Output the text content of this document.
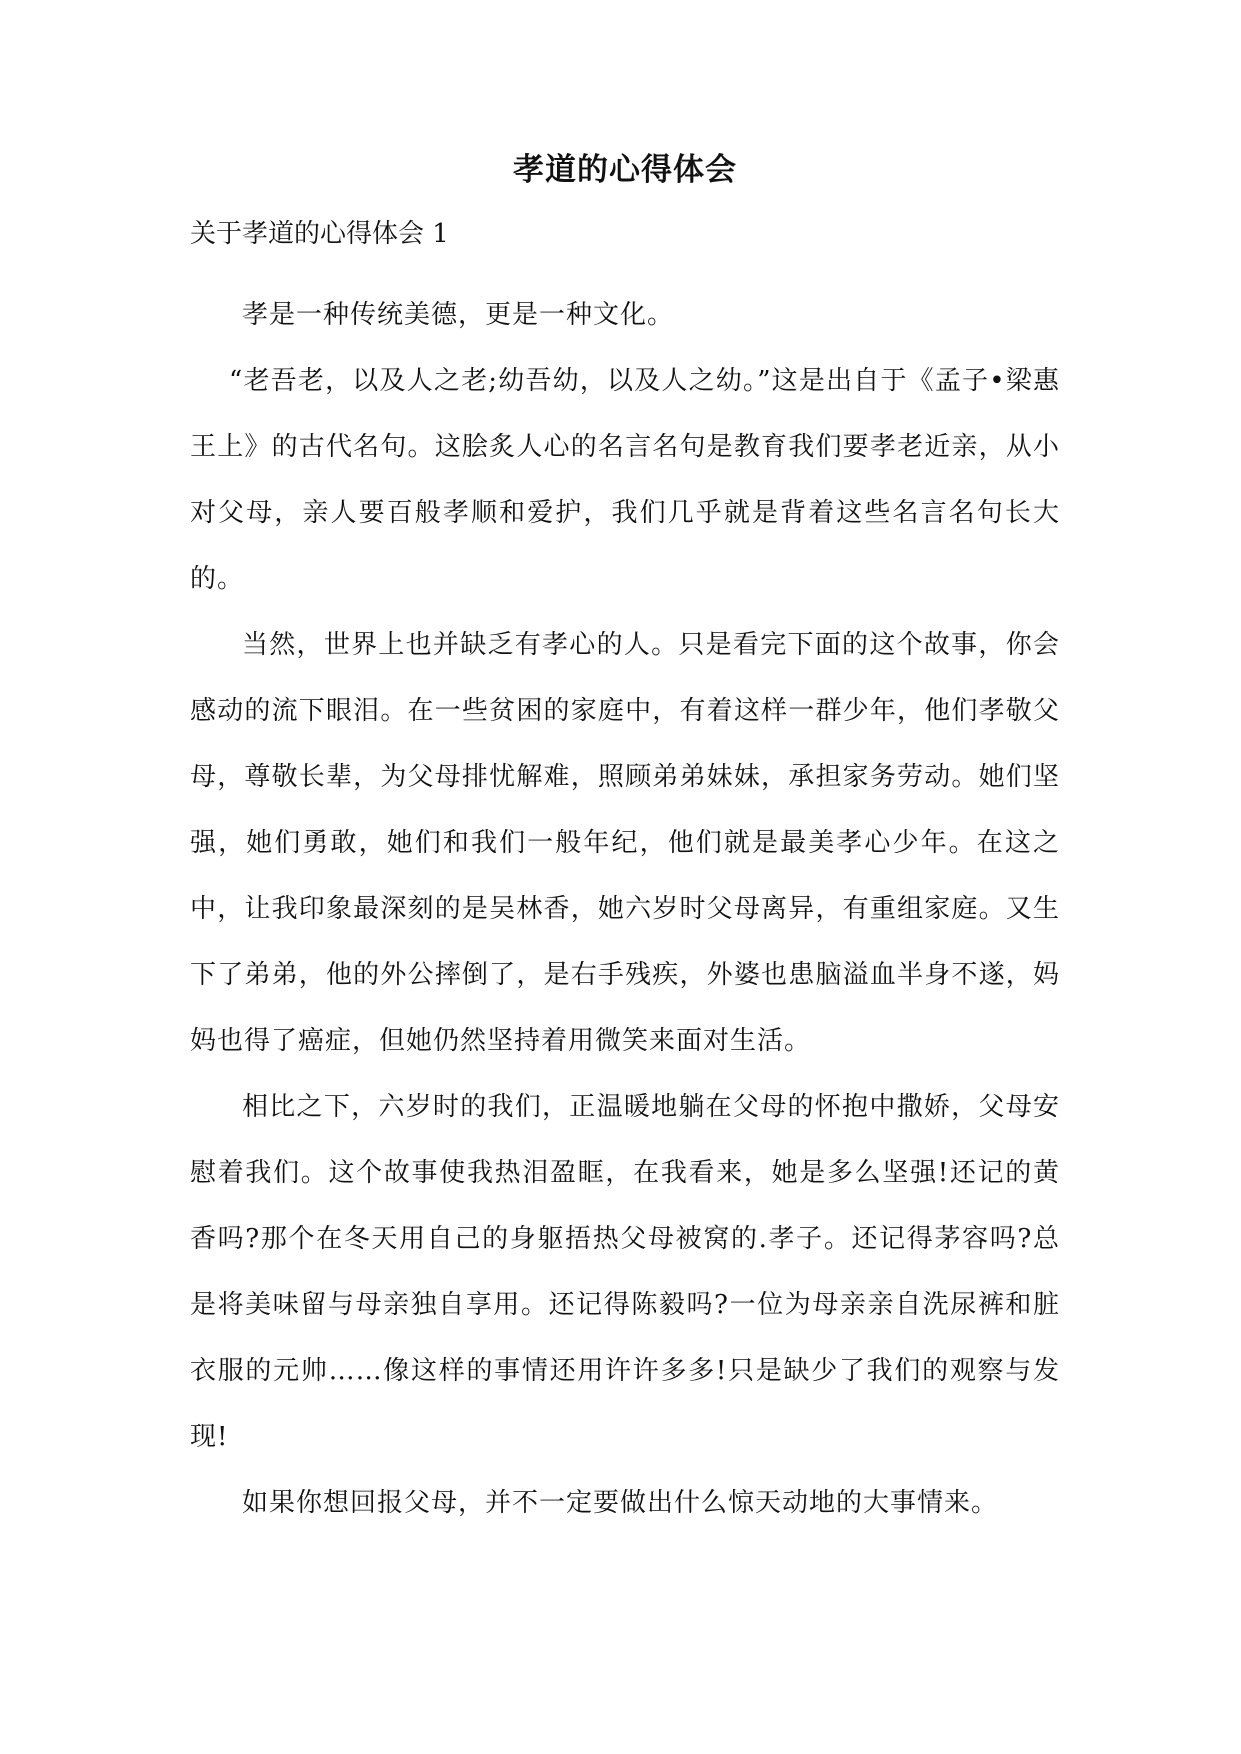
孝道的心得体会
关于孝道的心得体会 1

孝是一种传统美德，更是一种文化。

“老吾老，以及人之老;幼吾幼，以及人之幼。”这是出自于《孟子•梁惠王上》的古代名句。这脍炙人心的名言名句是教育我们要孝老近亲，从小对父母，亲人要百般孝顺和爱护，我们几乎就是背着这些名言名句长大的。

当然，世界上也并缺乏有孝心的人。只是看完下面的这个故事，你会感动的流下眼泪。在一些贫困的家庭中，有着这样一群少年，他们孝敬父母，尊敬长辈，为父母排忧解难，照顾弟弟妹妹，承担家务劳动。她们坚强，她们勇敢，她们和我们一般年纪，他们就是最美孝心少年。在这之中，让我印象最深刻的是吴林香，她六岁时父母离异，有重组家庭。又生下了弟弟，他的外公摔倒了，是右手残疾，外婆也患脑溢血半身不遂，妈妈也得了癌症，但她仍然坚持着用微笑来面对生活。

相比之下，六岁时的我们，正温暖地躺在父母的怀抱中撒娇，父母安慰着我们。这个故事使我热泪盈眶，在我看来，她是多么坚强!还记的黄香吗?那个在冬天用自己的身躯捂热父母被窝的.孝子。还记得茅容吗?总是将美味留与母亲独自享用。还记得陈毅吗?一位为母亲亲自洗尿裤和脏衣服的元帅……像这样的事情还用许许多多!只是缺少了我们的观察与发现!

如果你想回报父母，并不一定要做出什么惊天动地的大事情来。
